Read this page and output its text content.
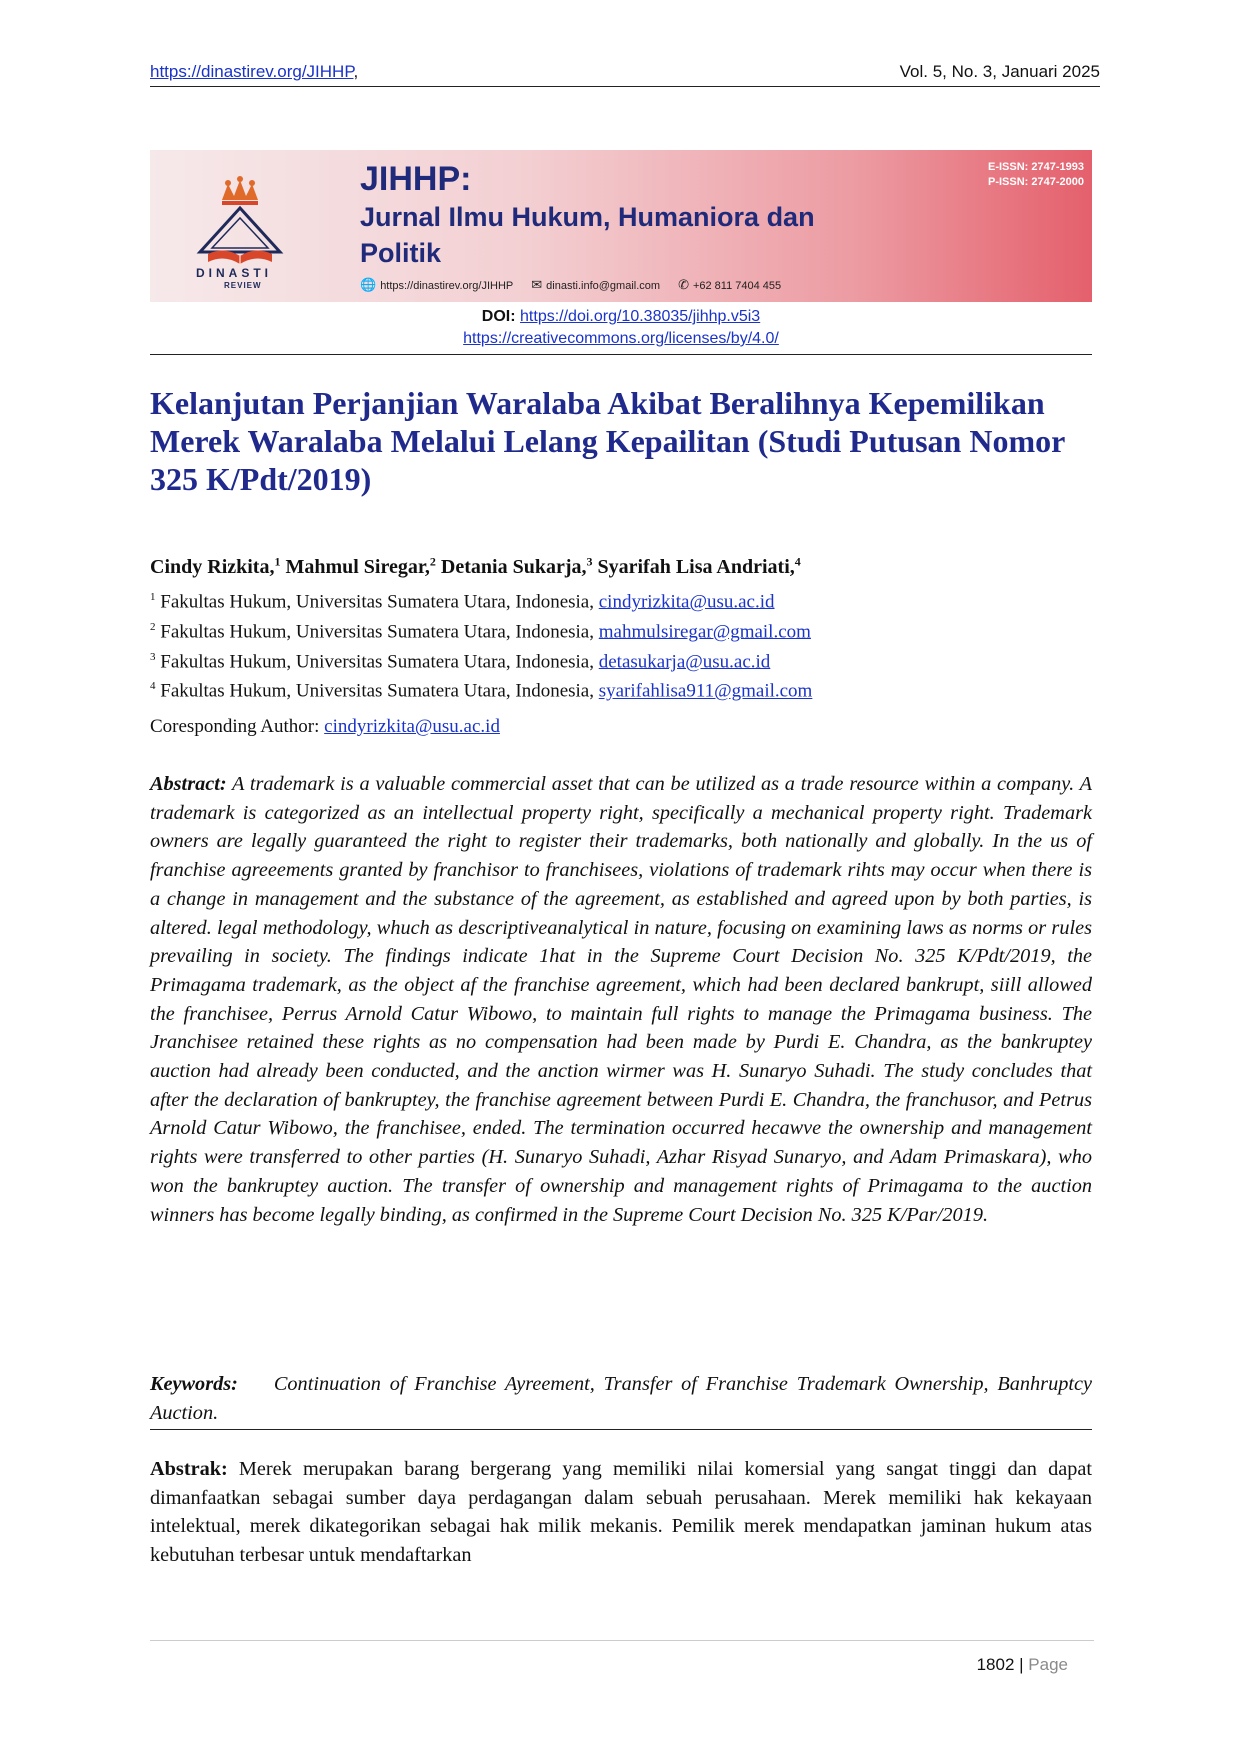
https://dinastirev.org/JIHHP,	Vol. 5, No. 3, Januari 2025
DINASTI
REVIEW
JIHHP:
Jurnal Ilmu Hukum, Humaniora dan
Politik
🌐 https://dinastirev.org/JIHHP ✉ dinasti.info@gmail.com ✆ +62 811 7404 455
E-ISSN: 2747-1993
P-ISSN: 2747-2000
DOI: https://doi.org/10.38035/jihhp.v5i3
https://creativecommons.org/licenses/by/4.0/
Kelanjutan Perjanjian Waralaba Akibat Beralihnya Kepemilikan Merek Waralaba Melalui Lelang Kepailitan (Studi Putusan Nomor 325 K/Pdt/2019)
Cindy Rizkita,$^1$ Mahmul Siregar,$^2$ Detania Sukarja,$^3$ Syarifah Lisa Andriati,$^4$
$^1$ Fakultas Hukum, Universitas Sumatera Utara, Indonesia, cindyrizkita@usu.ac.id
$^2$ Fakultas Hukum, Universitas Sumatera Utara, Indonesia, mahmulsiregar@gmail.com
$^3$ Fakultas Hukum, Universitas Sumatera Utara, Indonesia, detasukarja@usu.ac.id
$^4$ Fakultas Hukum, Universitas Sumatera Utara, Indonesia, syarifahlisa911@gmail.com
Coresponding Author: cindyrizkita@usu.ac.id

Abstract: A trademark is a valuable commercial asset that can be utilized as a trade resource within a company. A trademark is categorized as an intellectual property right, specifically a mechanical property right. Trademark owners are legally guaranteed the right to register their trademarks, both nationally and globally. In the us of franchise agreeements granted by franchisor to franchisees, violations of trademark rihts may occur when there is a change in management and the substance of the agreement, as established and agreed upon by both parties, is altered. legal methodology, whuch as descriptiveanalytical in nature, focusing on examining laws as norms or rules prevailing in society. The findings indicate 1hat in the Supreme Court Decision No. 325 K/Pdt/2019, the Primagama trademark, as the object af the franchise agreement, which had been declared bankrupt, siill allowed the franchisee, Perrus Arnold Catur Wibowo, to maintain full rights to manage the Primagama business. The Jranchisee retained these rights as no compensation had been made by Purdi E. Chandra, as the bankruptey auction had already been conducted, and the anction wirmer was H. Sunaryo Suhadi. The study concludes that after the declaration of bankruptey, the franchise agreement between Purdi E. Chandra, the franchusor, and Petrus Arnold Catur Wibowo, the franchisee, ended. The termination occurred hecawve the ownership and management rights were transferred to other parties (H. Sunaryo Suhadi, Azhar Risyad Sunaryo, and Adam Primaskara), who won the bankruptey auction. The transfer of ownership and management rights of Primagama to the auction winners has become legally binding, as confirmed in the Supreme Court Decision No. 325 K/Par/2019.

Keywords: Continuation of Franchise Ayreement, Transfer of Franchise Trademark Ownership, Banhruptcy Auction.

Abstrak: Merek merupakan barang bergerang yang memiliki nilai komersial yang sangat tinggi dan dapat dimanfaatkan sebagai sumber daya perdagangan dalam sebuah perusahaan. Merek memiliki hak kekayaan intelektual, merek dikategorikan sebagai hak milik mekanis. Pemilik merek mendapatkan jaminan hukum atas kebutuhan terbesar untuk mendaftarkan

1802 | Page
